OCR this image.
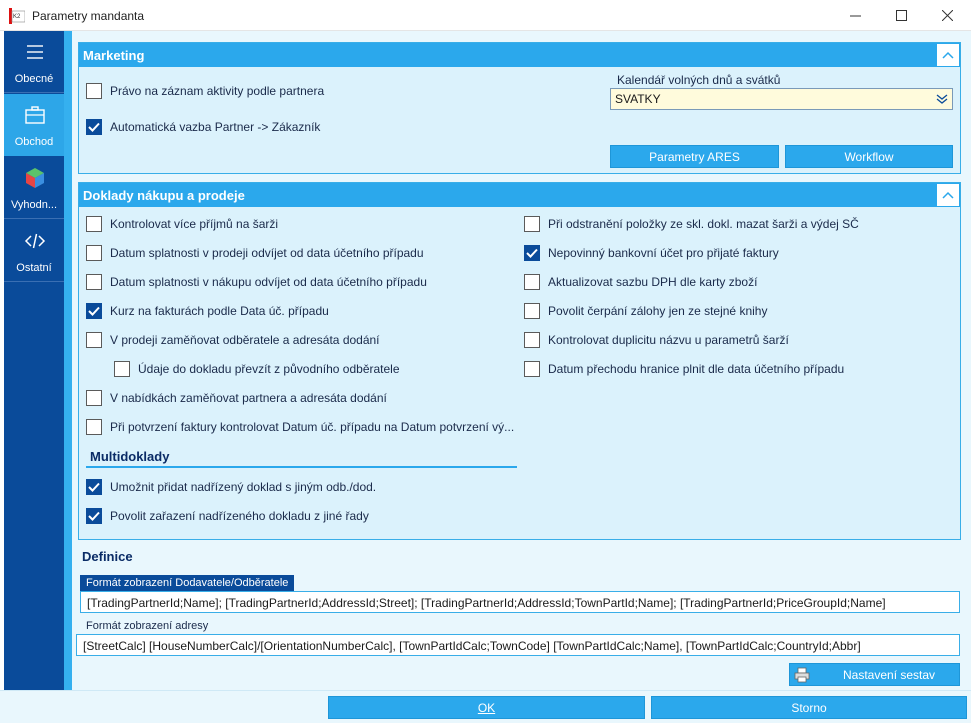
K2 Parametry mandanta
Obecné
Obchod
Vyhodn...
Ostatní
Marketing
Právo na záznam aktivity podle partnera
Automatická vazba Partner -> Zákazník
Kalendář volných dnů a svátků
SVATKY
Parametry ARES	Workflow
Doklady nákupu a prodeje
Kontrolovat více příjmů na šarži
Datum splatnosti v prodeji odvíjet od data účetního případu
Datum splatnosti v nákupu odvíjet od data účetního případu
Kurz na fakturách podle Data úč. případu
V prodeji zaměňovat odběratele a adresáta dodání
Údaje do dokladu převzít z původního odběratele
V nabídkách zaměňovat partnera a adresáta dodání
Při potvrzení faktury kontrolovat Datum úč. případu na Datum potvrzení vý...
Při odstranění položky ze skl. dokl. mazat šarži a výdej SČ
Nepovinný bankovní účet pro přijaté faktury
Aktualizovat sazbu DPH dle karty zboží
Povolit čerpání zálohy jen ze stejné knihy
Kontrolovat duplicitu názvu u parametrů šarží
Datum přechodu hranice plnit dle data účetního případu
Multidoklady
Umožnit přidat nadřízený doklad s jiným odb./dod.
Povolit zařazení nadřízeného dokladu z jiné řady
Definice
Formát zobrazení Dodavatele/Odběratele
[TradingPartnerId;Name]; [TradingPartnerId;AddressId;Street]; [TradingPartnerId;AddressId;TownPartId;Name]; [TradingPartnerId;PriceGroupId;Name]
Formát zobrazení adresy
[StreetCalc] [HouseNumberCalc]/[OrientationNumberCalc], [TownPartIdCalc;TownCode] [TownPartIdCalc;Name], [TownPartIdCalc;CountryId;Abbr]
Nastavení sestav
OK	Storno
